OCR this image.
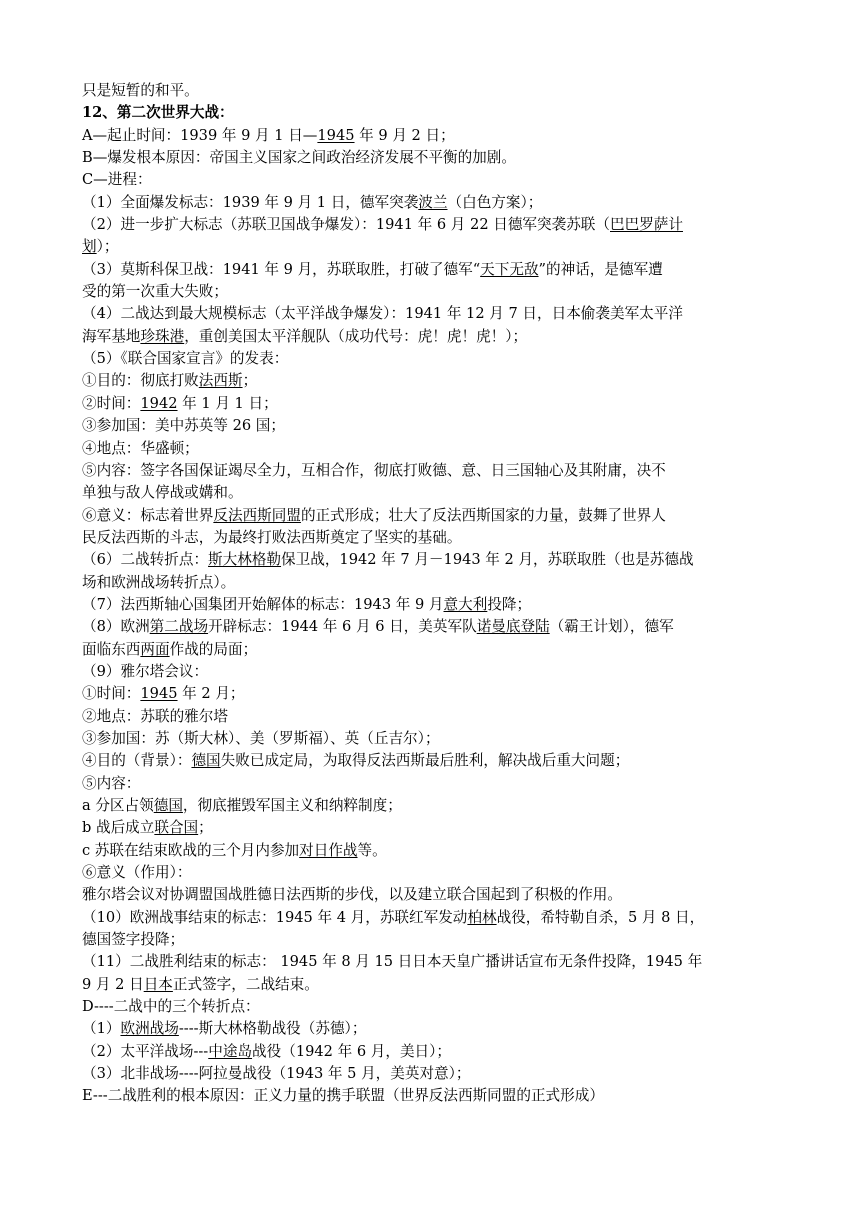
只是短暂的和平。
12、第二次世界大战：
A—起止时间：1939 年 9 月 1 日—1945 年 9 月 2 日；
B—爆发根本原因：帝国主义国家之间政治经济发展不平衡的加剧。
C—进程：
（1）全面爆发标志：1939 年 9 月 1 日，德军突袭波兰（白色方案）；
（2）进一步扩大标志（苏联卫国战争爆发）：1941 年 6 月 22 日德军突袭苏联（巴巴罗萨计
划）；
（3）莫斯科保卫战：1941 年 9 月，苏联取胜，打破了德军“天下无敌”的神话，是德军遭
受的第一次重大失败；
（4）二战达到最大规模标志（太平洋战争爆发）：1941 年 12 月 7 日，日本偷袭美军太平洋
海军基地珍珠港，重创美国太平洋舰队（成功代号：虎！虎！虎！）；
（5）《联合国家宣言》的发表：
①目的：彻底打败法西斯；
②时间：1942 年 1 月 1 日；
③参加国：美中苏英等 26 国；
④地点：华盛顿；
⑤内容：签字各国保证竭尽全力，互相合作，彻底打败德、意、日三国轴心及其附庸，决不
单独与敌人停战或媾和。
⑥意义：标志着世界反法西斯同盟的正式形成；壮大了反法西斯国家的力量，鼓舞了世界人
民反法西斯的斗志，为最终打败法西斯奠定了坚实的基础。
（6）二战转折点：斯大林格勒保卫战，1942 年 7 月－1943 年 2 月，苏联取胜（也是苏德战
场和欧洲战场转折点）。
（7）法西斯轴心国集团开始解体的标志：1943 年 9 月意大利投降；
（8）欧洲第二战场开辟标志：1944 年 6 月 6 日，美英军队诺曼底登陆（霸王计划），德军
面临东西两面作战的局面；
（9）雅尔塔会议：
①时间：1945 年 2 月；
②地点：苏联的雅尔塔
③参加国：苏（斯大林）、美（罗斯福）、英（丘吉尔）；
④目的（背景）：德国失败已成定局，为取得反法西斯最后胜利，解决战后重大问题；
⑤内容：
a 分区占领德国，彻底摧毁军国主义和纳粹制度；
b 战后成立联合国；
c 苏联在结束欧战的三个月内参加对日作战等。
⑥意义（作用）：
雅尔塔会议对协调盟国战胜德日法西斯的步伐，以及建立联合国起到了积极的作用。
（10）欧洲战事结束的标志：1945 年 4 月，苏联红军发动柏林战役，希特勒自杀，5 月 8 日，
德国签字投降；
（11）二战胜利结束的标志： 1945 年 8 月 15 日日本天皇广播讲话宣布无条件投降，1945 年
9 月 2 日日本正式签字，二战结束。
D----二战中的三个转折点：
（1）欧洲战场----斯大林格勒战役（苏德）；
（2）太平洋战场---中途岛战役（1942 年 6 月，美日）；
（3）北非战场----阿拉曼战役（1943 年 5 月，美英对意）；
E---二战胜利的根本原因：正义力量的携手联盟（世界反法西斯同盟的正式形成）
